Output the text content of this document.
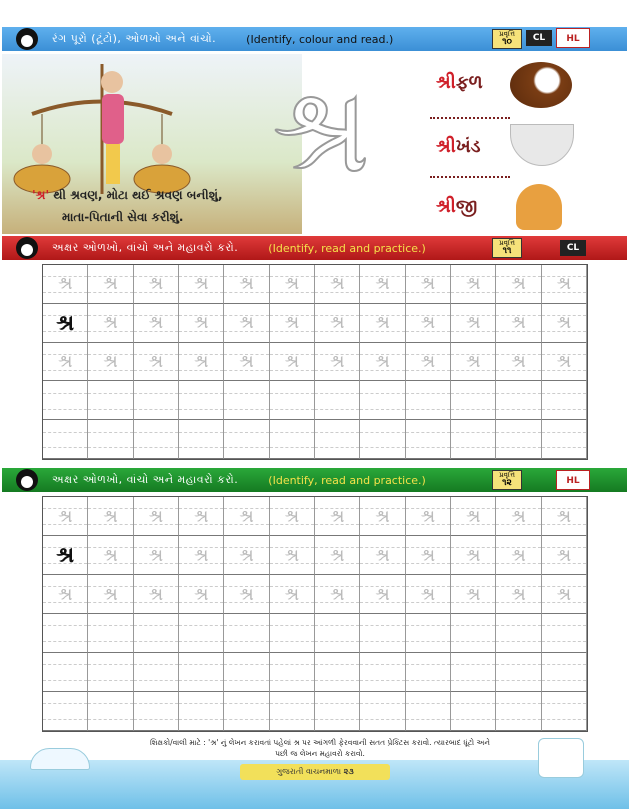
રંગ પૂરો (ટૂંટો), ઓળખો અને વાંચો.	(Identify, colour and read.)	પ્રવૃત્તિ
૧૦	CL	HL
'શ્ર' થી શ્રવણ, મોટા થઈ શ્રવણ બનીશું,
માતા-પિતાની સેવા કરીશું.
શ્ર	શ્રીફળ
શ્રીખંડ
શ્રીજી
અક્ષર ઓળખો, વાંચો અને મહાવરો કરો.	(Identify, read and practice.)	પ્રવૃત્તિ
૧૧	CL
શ્ર	શ્ર	શ્ર	શ્ર	શ્ર	શ્ર	શ્ર	શ્ર	શ્ર	શ્ર	શ્ર	શ્ર
શ્ર	શ્ર	શ્ર	શ્ર	શ્ર	શ્ર	શ્ર	શ્ર	શ્ર	શ્ર	શ્ર	શ્ર
શ્ર	શ્ર	શ્ર	શ્ર	શ્ર	શ્ર	શ્ર	શ્ર	શ્ર	શ્ર	શ્ર	શ્ર
અક્ષર ઓળખો, વાંચો અને મહાવરો કરો.	(Identify, read and practice.)	પ્રવૃત્તિ
૧૨	HL
શ્ર	શ્ર	શ્ર	શ્ર	શ્ર	શ્ર	શ્ર	શ્ર	શ્ર	શ્ર	શ્ર	શ્ર
શ્ર	શ્ર	શ્ર	શ્ર	શ્ર	શ્ર	શ્ર	શ્ર	શ્ર	શ્ર	શ્ર	શ્ર
શ્ર	શ્ર	શ્ર	શ્ર	શ્ર	શ્ર	શ્ર	શ્ર	શ્ર	શ્ર	શ્ર	શ્ર
શિક્ષકો/વાલી માટે : 'શ્ર' નું લેખન કરાવતાં પહેલાં શ્ર પર આંગળી ફેરવવાની સતત પ્રેક્ટિસ કરાવો. ત્યારબાદ ધૂંટો અને
પછી જ લેખન મહાવરો કરાવો.
ગુજરાતી વાચનમાળા ૨૩
